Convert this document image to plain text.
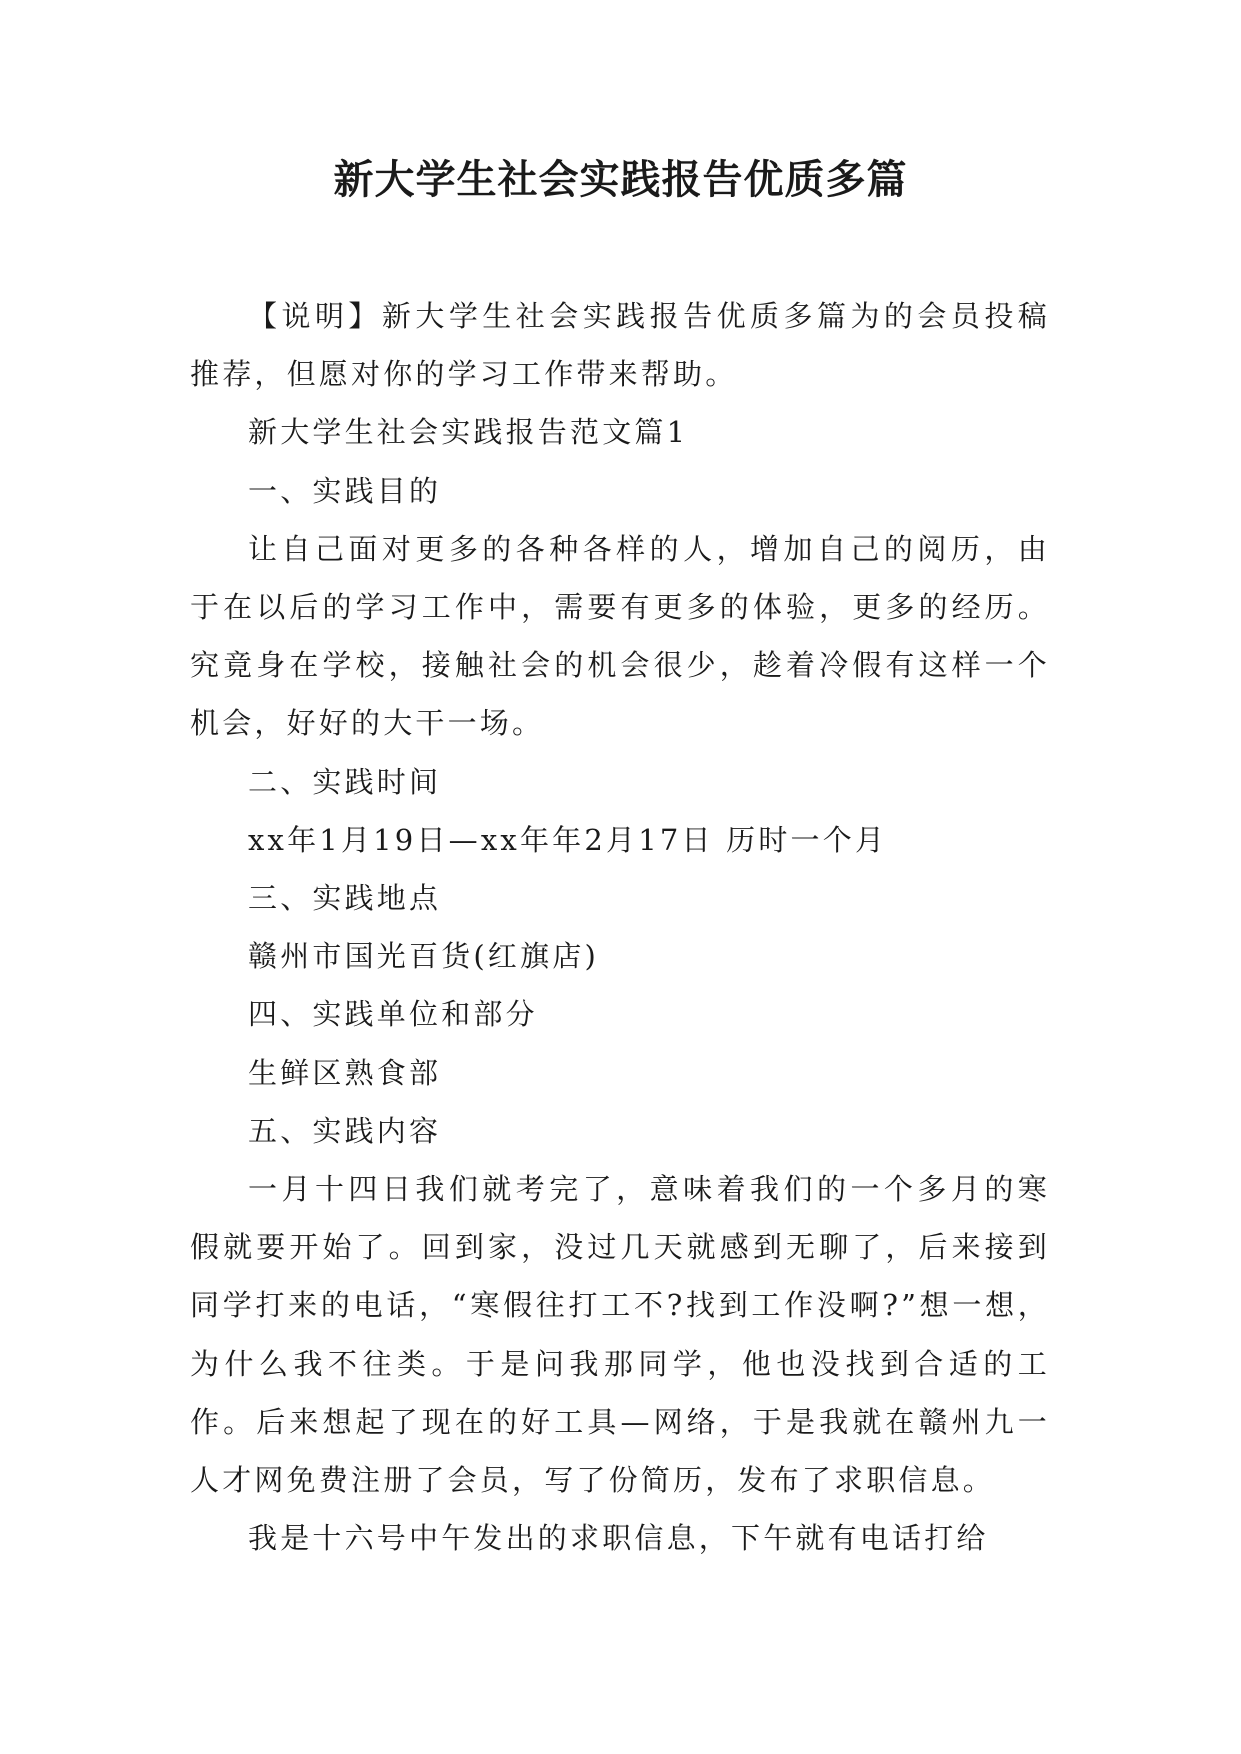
新大学生社会实践报告优质多篇

【说明】新大学生社会实践报告优质多篇为的会员投稿推荐，但愿对你的学习工作带来帮助。

新大学生社会实践报告范文篇1

一、实践目的

让自己面对更多的各种各样的人，增加自己的阅历，由于在以后的学习工作中，需要有更多的体验，更多的经历。究竟身在学校，接触社会的机会很少，趁着冷假有这样一个机会，好好的大干一场。

二、实践时间

xx年1月19日—xx年年2月17日 历时一个月

三、实践地点

赣州市国光百货(红旗店)

四、实践单位和部分

生鲜区熟食部

五、实践内容

一月十四日我们就考完了，意味着我们的一个多月的寒假就要开始了。回到家，没过几天就感到无聊了，后来接到同学打来的电话，“寒假往打工不?找到工作没啊?”想一想，为什么我不往类。于是问我那同学，他也没找到合适的工作。后来想起了现在的好工具—网络，于是我就在赣州九一人才网免费注册了会员，写了份简历，发布了求职信息。

我是十六号中午发出的求职信息，下午就有电话打给
